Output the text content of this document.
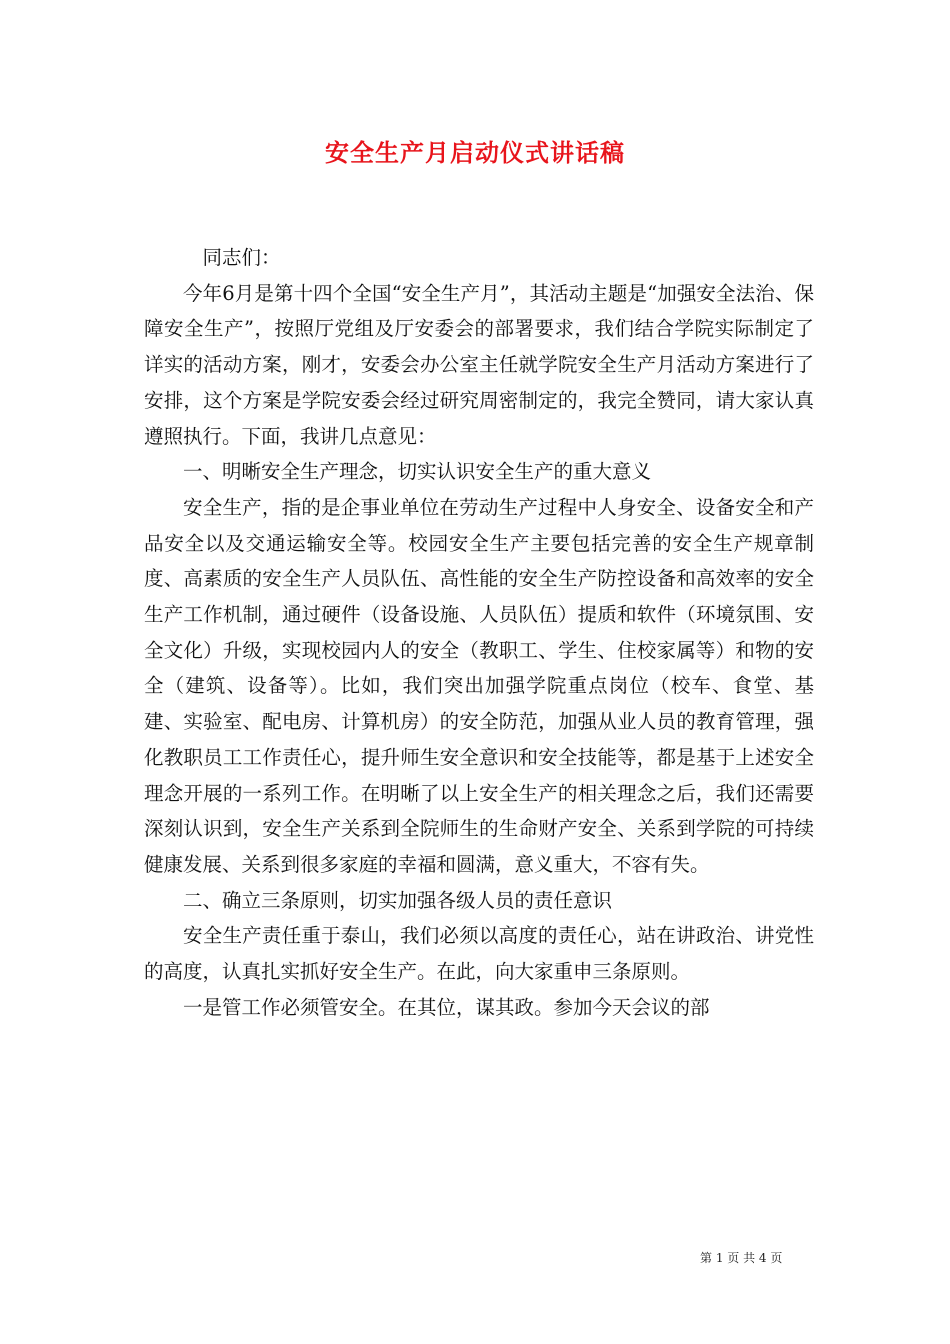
安全生产月启动仪式讲话稿

同志们：

今年6月是第十四个全国“安全生产月”，其活动主题是“加强安全法治、保障安全生产”，按照厅党组及厅安委会的部署要求，我们结合学院实际制定了详实的活动方案，刚才，安委会办公室主任就学院安全生产月活动方案进行了安排，这个方案是学院安委会经过研究周密制定的，我完全赞同，请大家认真遵照执行。下面，我讲几点意见：

一、明晰安全生产理念，切实认识安全生产的重大意义

安全生产，指的是企事业单位在劳动生产过程中人身安全、设备安全和产品安全以及交通运输安全等。校园安全生产主要包括完善的安全生产规章制度、高素质的安全生产人员队伍、高性能的安全生产防控设备和高效率的安全生产工作机制，通过硬件（设备设施、人员队伍）提质和软件（环境氛围、安全文化）升级，实现校园内人的安全（教职工、学生、住校家属等）和物的安全（建筑、设备等）。比如，我们突出加强学院重点岗位（校车、食堂、基建、实验室、配电房、计算机房）的安全防范，加强从业人员的教育管理，强化教职员工工作责任心，提升师生安全意识和安全技能等，都是基于上述安全理念开展的一系列工作。在明晰了以上安全生产的相关理念之后，我们还需要深刻认识到，安全生产关系到全院师生的生命财产安全、关系到学院的可持续健康发展、关系到很多家庭的幸福和圆满，意义重大，不容有失。

二、确立三条原则，切实加强各级人员的责任意识

安全生产责任重于泰山，我们必须以高度的责任心，站在讲政治、讲党性的高度，认真扎实抓好安全生产。在此，向大家重申三条原则。

一是管工作必须管安全。在其位，谋其政。参加今天会议的部

第 1 页 共 4 页
